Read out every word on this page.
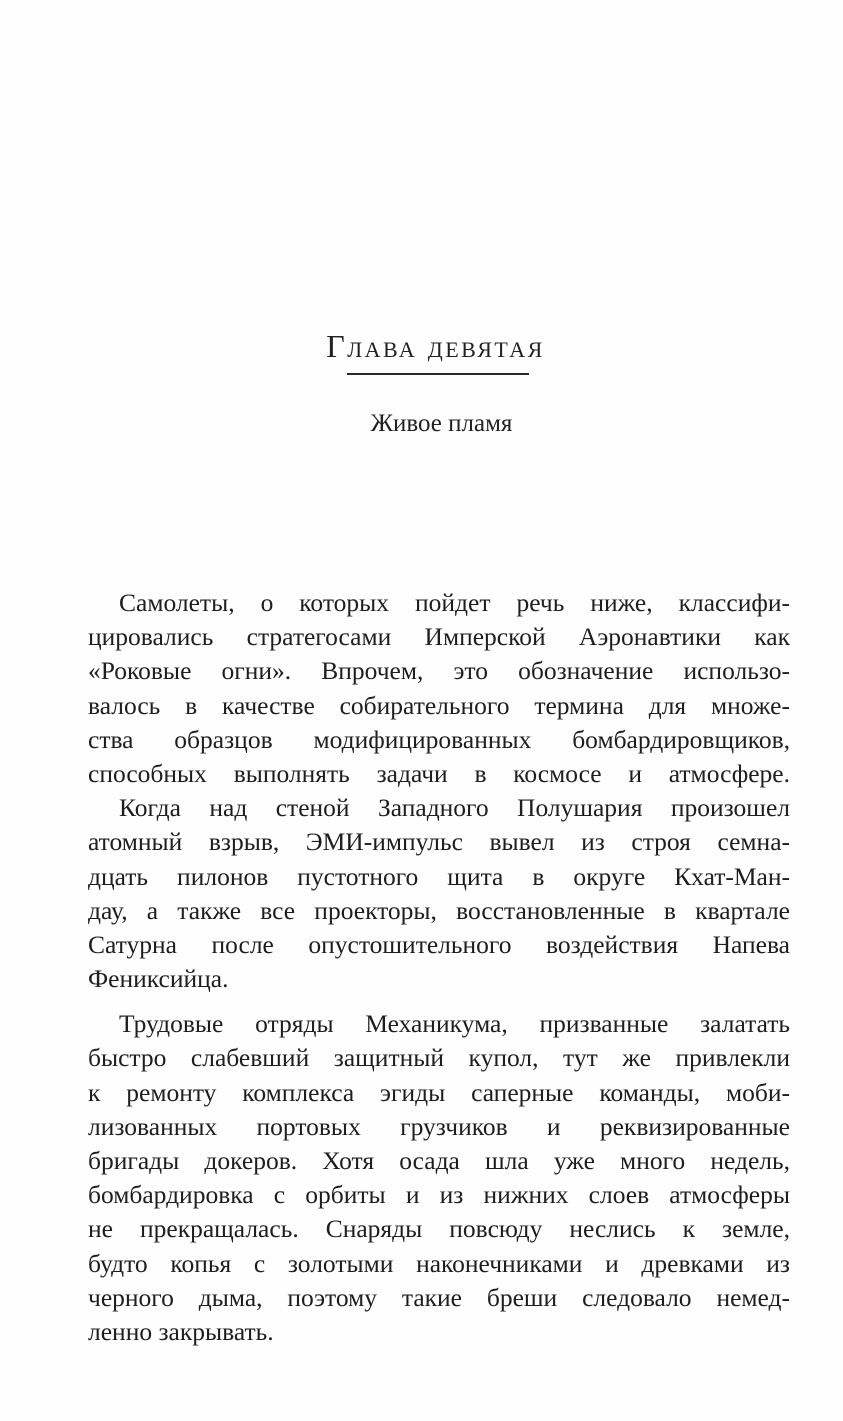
Глава девятая
Живое пламя
Самолеты, о которых пойдет речь ниже, классифи-
цировались стратегосами Имперской Аэронавтики как
«Роковые огни». Впрочем, это обозначение использо-
валось в качестве собирательного термина для множе-
ства образцов модифицированных бомбардировщиков,
способных выполнять задачи в космосе и атмосфере.
Когда над стеной Западного Полушария произошел
атомный взрыв, ЭМИ-импульс вывел из строя семна-
дцать пилонов пустотного щита в округе Кхат-Ман-
дау, а также все проекторы, восстановленные в квартале
Сатурна после опустошительного воздействия Напева
Фениксийца.
Трудовые отряды Механикума, призванные залатать
быстро слабевший защитный купол, тут же привлекли
к ремонту комплекса эгиды саперные команды, моби-
лизованных портовых грузчиков и реквизированные
бригады докеров. Хотя осада шла уже много недель,
бомбардировка с орбиты и из нижних слоев атмосферы
не прекращалась. Снаряды повсюду неслись к земле,
будто копья с золотыми наконечниками и древками из
черного дыма, поэтому такие бреши следовало немед-
ленно закрывать.
